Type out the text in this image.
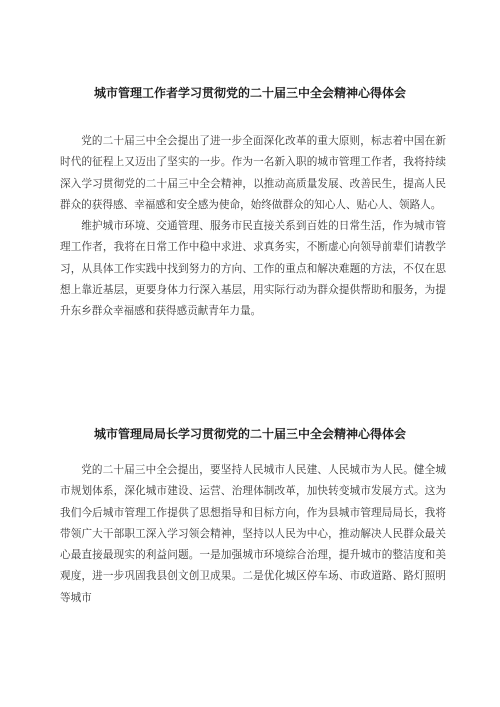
城市管理工作者学习贯彻党的二十届三中全会精神心得体会

党的二十届三中全会提出了进一步全面深化改革的重大原则，标志着中国在新时代的征程上又迈出了坚实的一步。作为一名新入职的城市管理工作者，我将持续深入学习贯彻党的二十届三中全会精神，以推动高质量发展、改善民生，提高人民群众的获得感、幸福感和安全感为使命，始终做群众的知心人、贴心人、领路人。

维护城市环境、交通管理、服务市民直接关系到百姓的日常生活，作为城市管理工作者，我将在日常工作中稳中求进、求真务实，不断虚心向领导前辈们请教学习，从具体工作实践中找到努力的方向、工作的重点和解决难题的方法，不仅在思想上靠近基层，更要身体力行深入基层，用实际行动为群众提供帮助和服务，为提升东乡群众幸福感和获得感贡献青年力量。

城市管理局局长学习贯彻党的二十届三中全会精神心得体会

党的二十届三中全会提出，要坚持人民城市人民建、人民城市为人民。健全城市规划体系，深化城市建设、运营、治理体制改革，加快转变城市发展方式。这为我们今后城市管理工作提供了思想指导和目标方向，作为县城市管理局局长，我将带领广大干部职工深入学习领会精神，坚持以人民为中心，推动解决人民群众最关心最直接最现实的利益问题。一是加强城市环境综合治理，提升城市的整洁度和美观度，进一步巩固我县创文创卫成果。二是优化城区停车场、市政道路、路灯照明等城市
